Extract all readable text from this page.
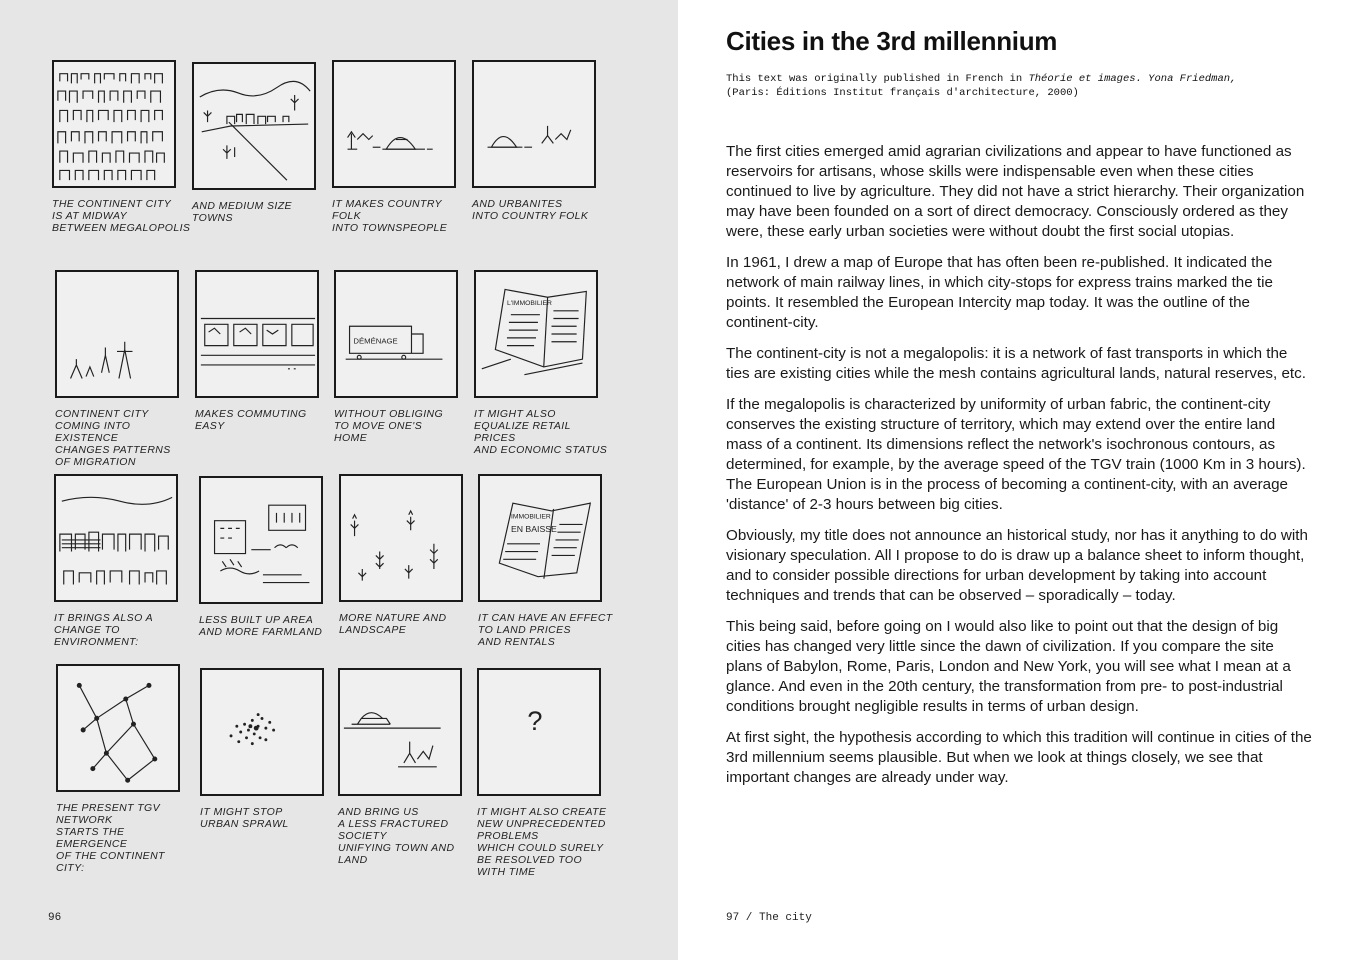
THE CONTINENT CITY
IS AT MIDWAY
BETWEEN MEGALOPOLIS
AND MEDIUM SIZE
TOWNS
IT MAKES COUNTRY
FOLK
INTO TOWNSPEOPLE
AND URBANITES
INTO COUNTRY FOLK
CONTINENT CITY
COMING INTO EXISTENCE
CHANGES PATTERNS
OF MIGRATION
MAKES COMMUTING
EASY
DÉMÉNAGE
WITHOUT OBLIGING
TO MOVE ONE'S
HOME
L'IMMOBILIER
IT MIGHT ALSO
EQUALIZE RETAIL PRICES
AND ECONOMIC STATUS
IT BRINGS ALSO A
CHANGE TO ENVIRONMENT:
LESS BUILT UP AREA
AND MORE FARMLAND
MORE NATURE AND
LANDSCAPE
IMMOBILIER
EN BAISSE
IT CAN HAVE AN EFFECT
TO LAND PRICES
AND RENTALS
THE PRESENT TGV
NETWORK
STARTS THE EMERGENCE
OF THE CONTINENT
CITY:
IT MIGHT STOP
URBAN SPRAWL
AND BRING US
A LESS FRACTURED
SOCIETY
UNIFYING TOWN AND
LAND
?
IT MIGHT ALSO CREATE
NEW UNPRECEDENTED
PROBLEMS
WHICH COULD SURELY
BE RESOLVED TOO
WITH TIME
96
Cities in the 3rd millennium
This text was originally published in French in Théorie et images. Yona Friedman,
(Paris: Éditions Institut français d'architecture, 2000)

The first cities emerged amid agrarian civilizations and appear to have functioned as reservoirs for artisans, whose skills were indispensable even when these cities continued to live by agriculture. They did not have a strict hierarchy. Their organization may have been founded on a sort of direct democracy. Consciously ordered as they were, these early urban societies were without doubt the first social utopias.

In 1961, I drew a map of Europe that has often been re-published. It indicated the network of main railway lines, in which city-stops for express trains marked the tie points. It resembled the European Intercity map today. It was the outline of the continent-city.

The continent-city is not a megalopolis: it is a network of fast transports in which the ties are existing cities while the mesh contains agricultural lands, natural reserves, etc.

If the megalopolis is characterized by uniformity of urban fabric, the continent-city conserves the existing structure of territory, which may extend over the entire land mass of a continent. Its dimensions reflect the network's isochronous contours, as determined, for example, by the average speed of the TGV train (1000 Km in 3 hours). The European Union is in the process of becoming a continent-city, with an average 'distance' of 2-3 hours between big cities.

Obviously, my title does not announce an historical study, nor has it anything to do with visionary speculation. All I propose to do is draw up a balance sheet to inform thought, and to consider possible directions for urban development by taking into account techniques and trends that can be observed – sporadically – today.

This being said, before going on I would also like to point out that the design of big cities has changed very little since the dawn of civilization. If you compare the site plans of Babylon, Rome, Paris, London and New York, you will see what I mean at a glance. And even in the 20th century, the transformation from pre- to post-industrial conditions brought negligible results in terms of urban design.

At first sight, the hypothesis according to which this tradition will continue in cities of the 3rd millennium seems plausible. But when we look at things closely, we see that important changes are already under way.

97 / The city
